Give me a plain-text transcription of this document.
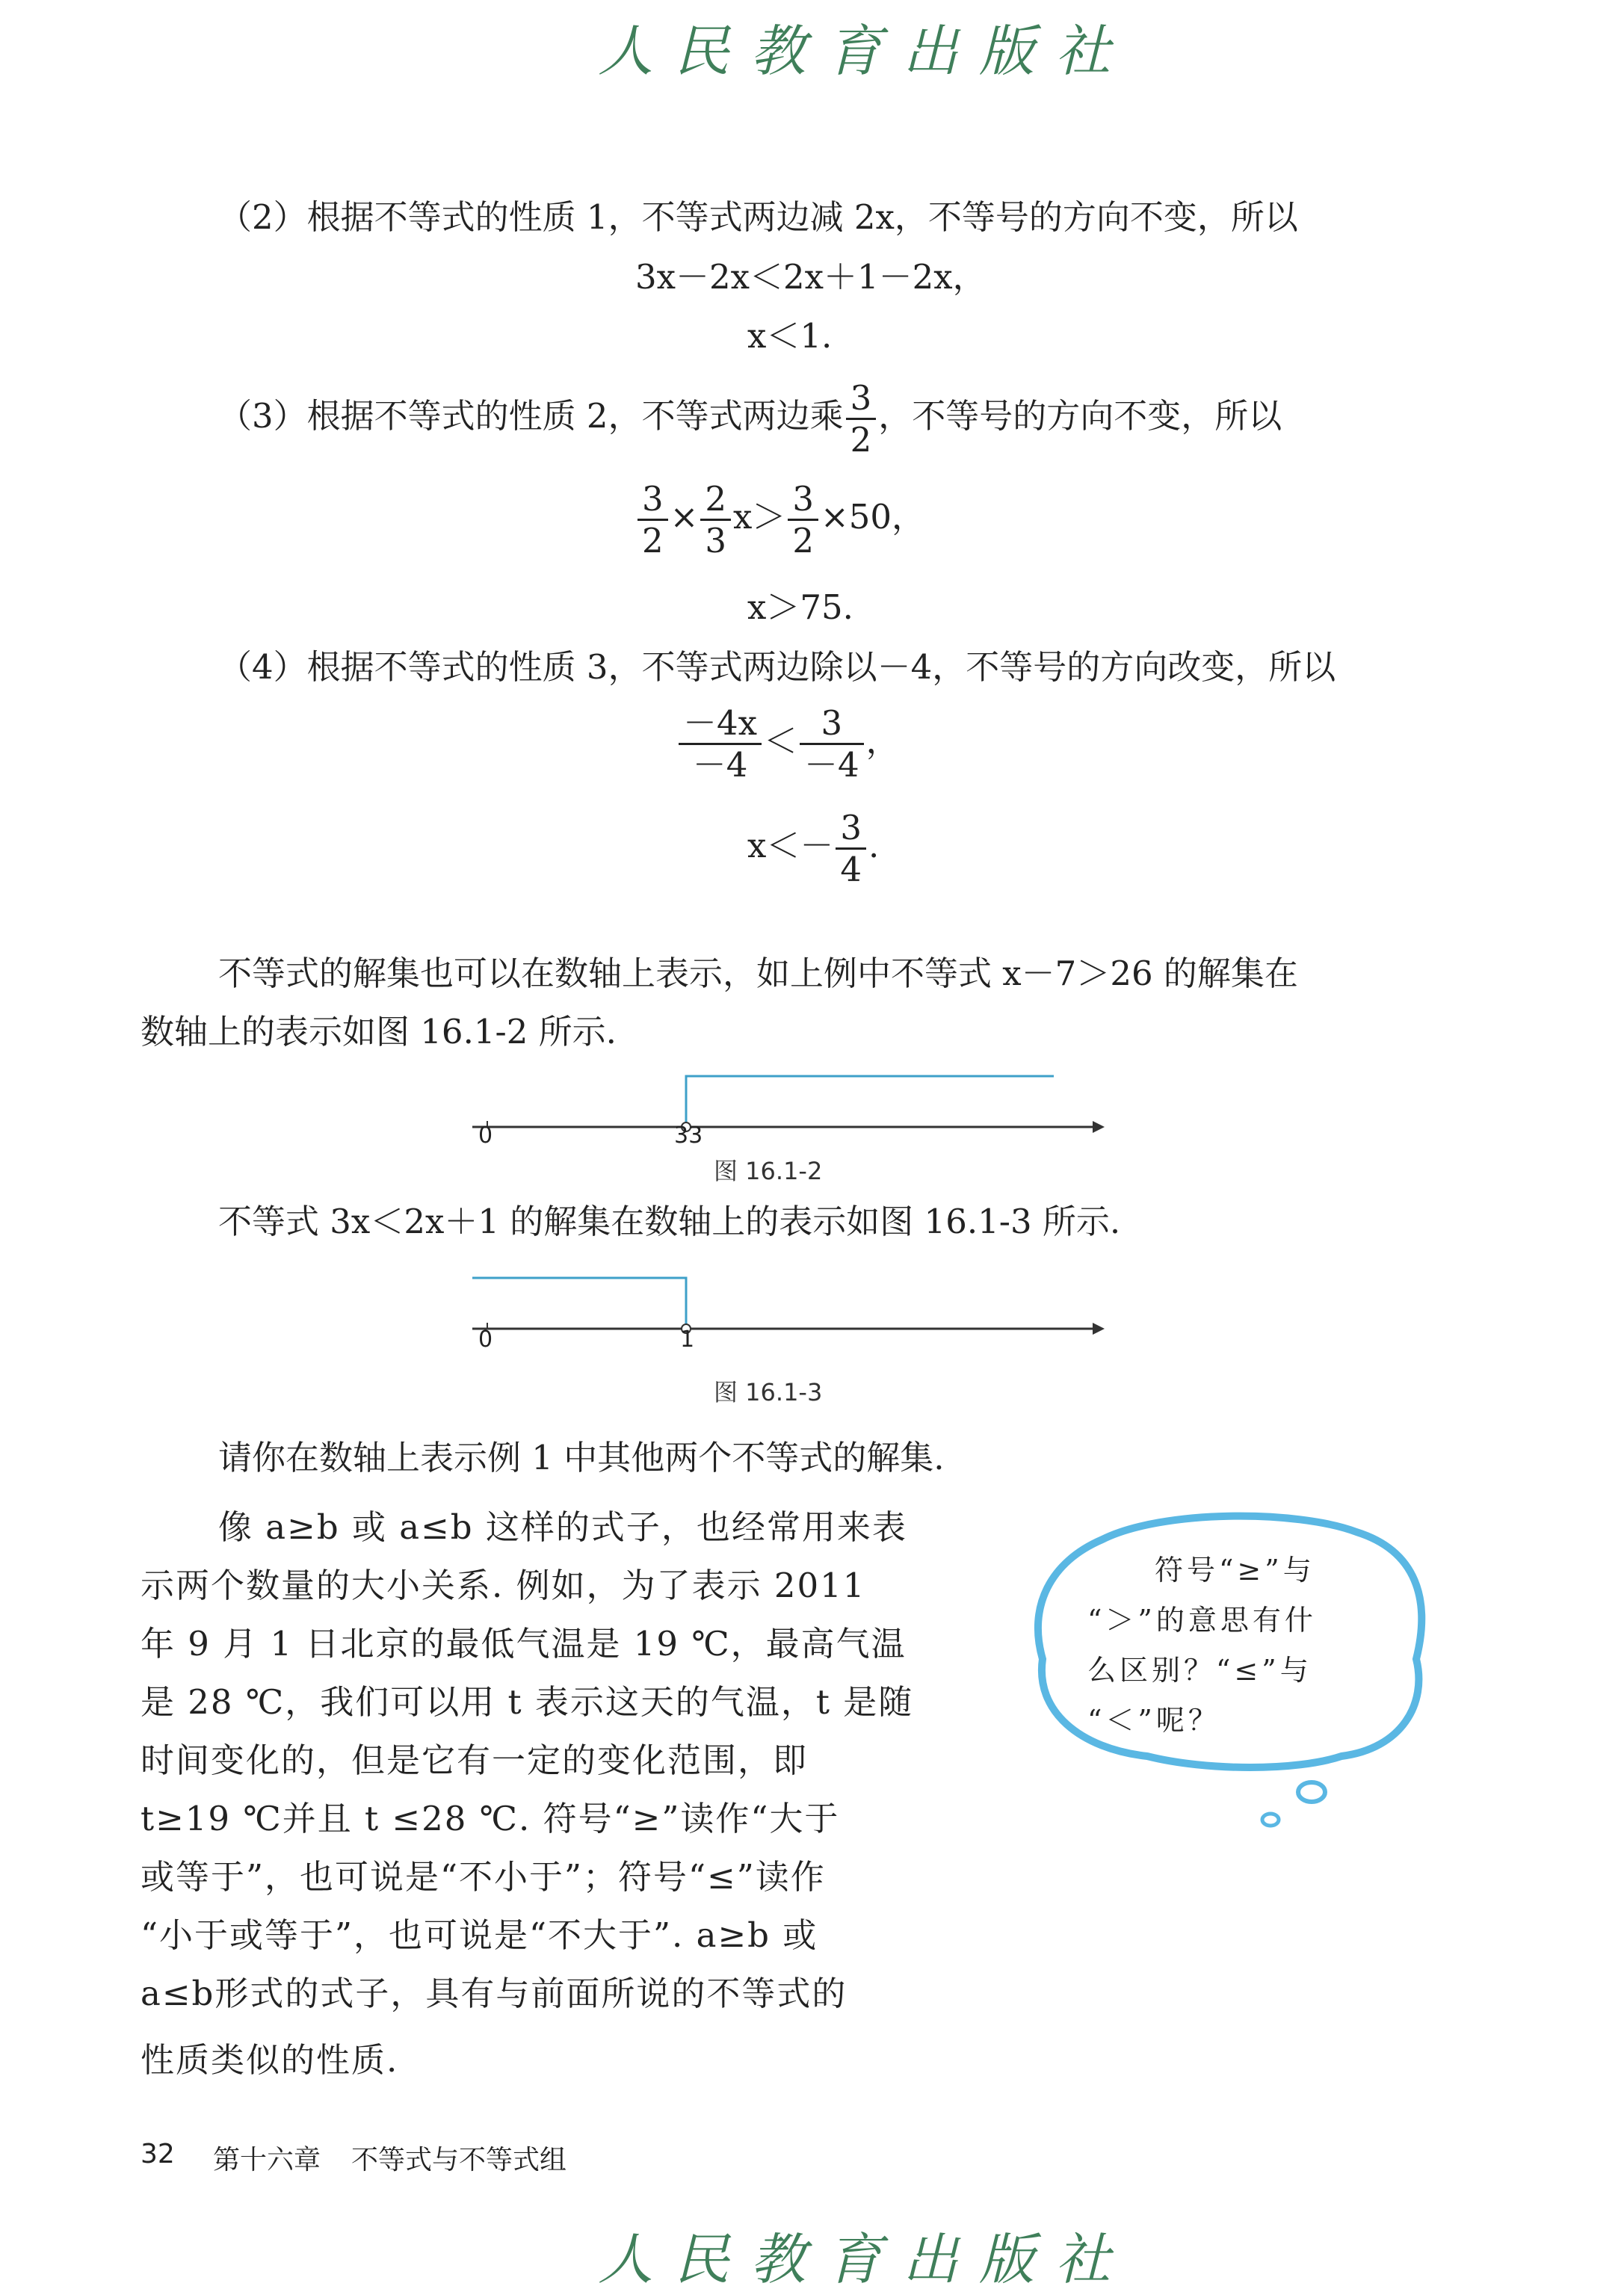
人民教育出版社
（2）根据不等式的性质 1，不等式两边减 2x，不等号的方向不变，所以
3x－2x＜2x＋1－2x，
x＜1.
（3）根据不等式的性质 2，不等式两边乘 $\frac{3}{2}$ ，不等号的方向不变，所以
$\frac{3}{2} \times \frac{2}{3} x> \frac{3}{2} \times 50$，
x＞75.
（4）根据不等式的性质 3，不等式两边除以－4，不等号的方向改变，所以
$\frac{-4x}{-4} < \frac{3}{-4}$ ，
$x<- \frac{3}{4}$ .
不等式的解集也可以在数轴上表示，如上例中不等式 x－7＞26 的解集在
数轴上的表示如图 16.1-2 所示.
0	33
图 16.1-2
不等式 3x＜2x＋1 的解集在数轴上的表示如图 16.1-3 所示.
0	1
图 16.1-3
请你在数轴上表示例 1 中其他两个不等式的解集.
像 a≥b 或 a≤b 这样的式子，也经常用来表
示两个数量的大小关系. 例如，为了表示 2011
年 9 月 1 日北京的最低气温是 19 ℃，最高气温
是 28 ℃，我们可以用 t 表示这天的气温，t 是随
时间变化的，但是它有一定的变化范围，即
t≥19 ℃并且 t ≤28 ℃. 符号“≥”读作“大于
或等于”，也可说是“不小于”；符号“≤”读作
“小于或等于”，也可说是“不大于”. a≥b 或
a≤b形式的式子，具有与前面所说的不等式的
性质类似的性质.
符号“≥”与
“＞”的意思有什
么区别？“≤”与
“＜”呢？
32 第十六章 不等式与不等式组
人民教育出版社
